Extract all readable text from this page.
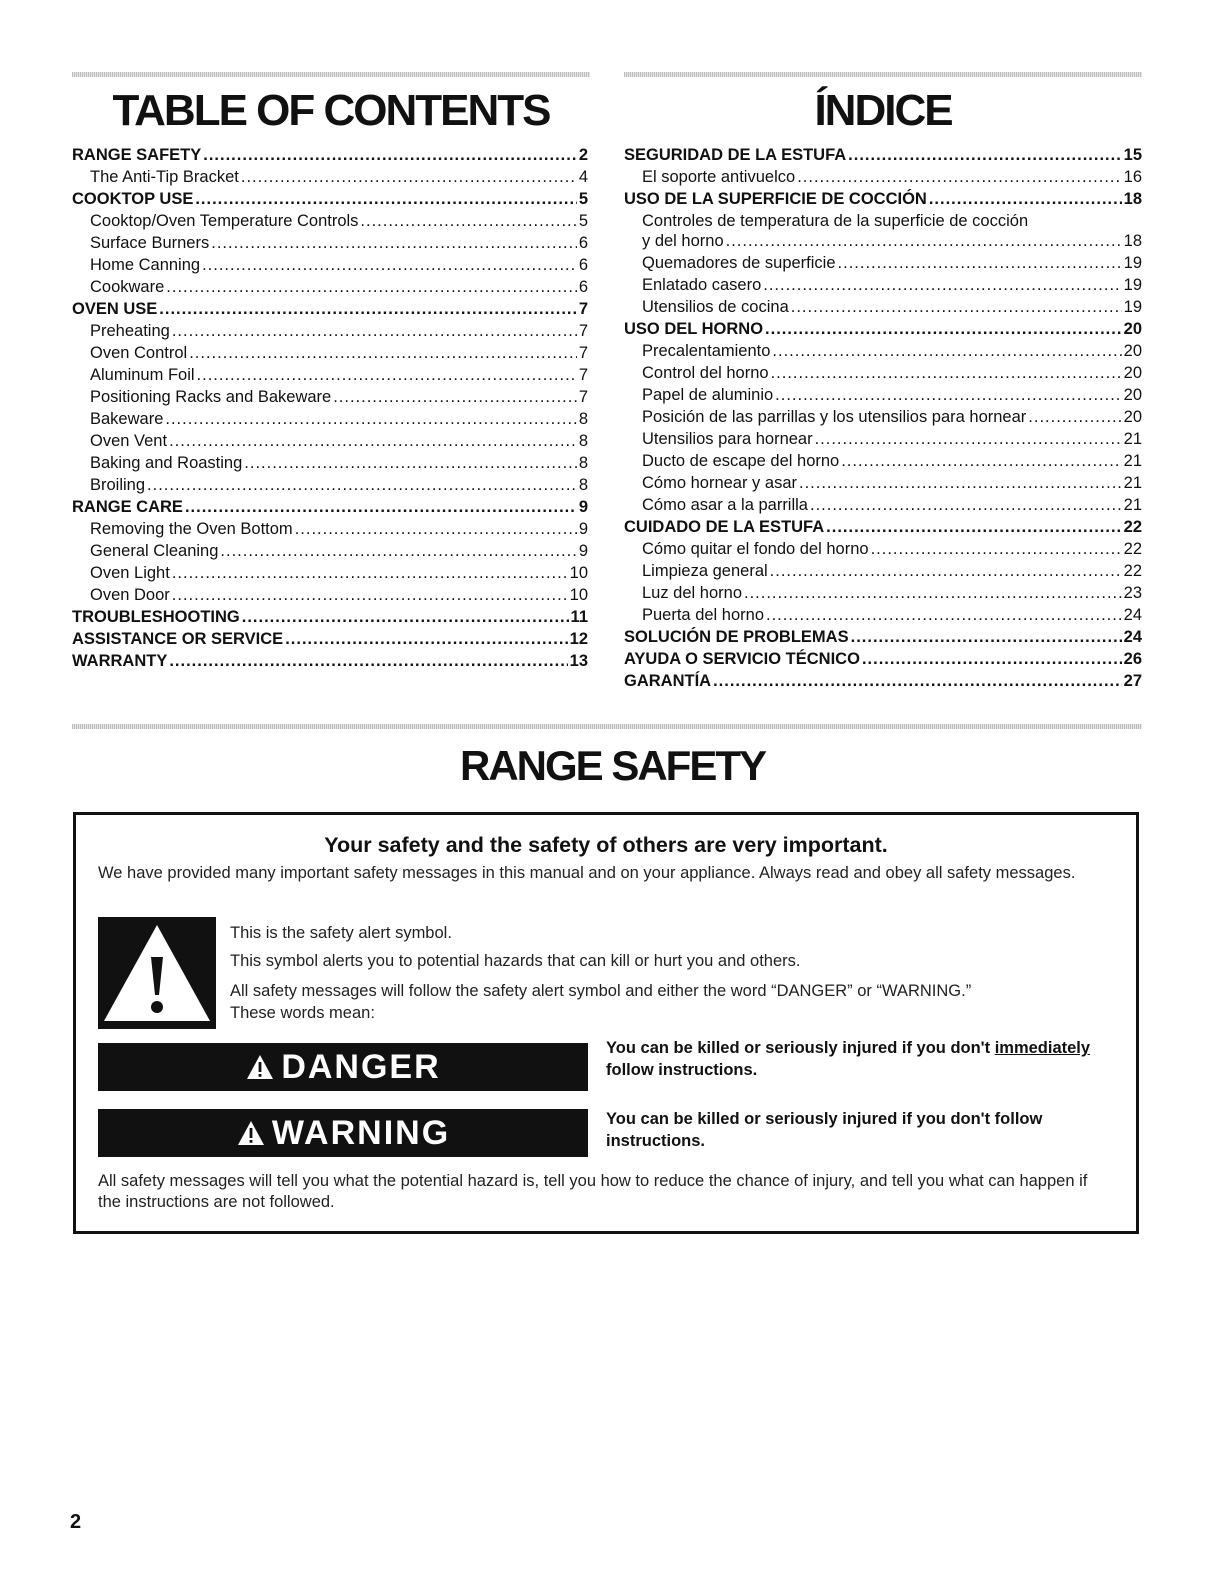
TABLE OF CONTENTS	ÍNDICE
RANGE SAFETY .....	2
The Anti-Tip Bracket .....	4
COOKTOP USE .....	5
Cooktop/Oven Temperature Controls .....	5
Surface Burners .....	6
Home Canning .....	6
Cookware .....	6
OVEN USE .....	7
Preheating .....	7
Oven Control .....	7
Aluminum Foil .....	7
Positioning Racks and Bakeware .....	7
Bakeware .....	8
Oven Vent .....	8
Baking and Roasting .....	8
Broiling .....	8
RANGE CARE .....	9
Removing the Oven Bottom .....	9
General Cleaning .....	9
Oven Light .....	10
Oven Door .....	10
TROUBLESHOOTING .....	11
ASSISTANCE OR SERVICE .....	12
WARRANTY .....	13
SEGURIDAD DE LA ESTUFA .....	15
El soporte antivuelco .....	16
USO DE LA SUPERFICIE DE COCCIÓN .....	18
Controles de temperatura de la superficie de cocción
y del horno .....	18
Quemadores de superficie .....	19
Enlatado casero .....	19
Utensilios de cocina .....	19
USO DEL HORNO .....	20
Precalentamiento .....	20
Control del horno .....	20
Papel de aluminio .....	20
Posición de las parrillas y los utensilios para hornear .....	20
Utensilios para hornear .....	21
Ducto de escape del horno .....	21
Cómo hornear y asar .....	21
Cómo asar a la parrilla .....	21
CUIDADO DE LA ESTUFA .....	22
Cómo quitar el fondo del horno .....	22
Limpieza general .....	22
Luz del horno .....	23
Puerta del horno .....	24
SOLUCIÓN DE PROBLEMAS .....	24
AYUDA O SERVICIO TÉCNICO .....	26
GARANTÍA .....	27
RANGE SAFETY
Your safety and the safety of others are very important.
We have provided many important safety messages in this manual and on your appliance. Always read and obey all safety messages.
This is the safety alert symbol.
This symbol alerts you to potential hazards that can kill or hurt you and others.
All safety messages will follow the safety alert symbol and either the word “DANGER” or “WARNING.”
These words mean:
DANGER	You can be killed or seriously injured if you don't immediately
follow instructions.
WARNING	You can be killed or seriously injured if you don't follow instructions.
All safety messages will tell you what the potential hazard is, tell you how to reduce the chance of injury, and tell you what can happen if the instructions are not followed.
2
